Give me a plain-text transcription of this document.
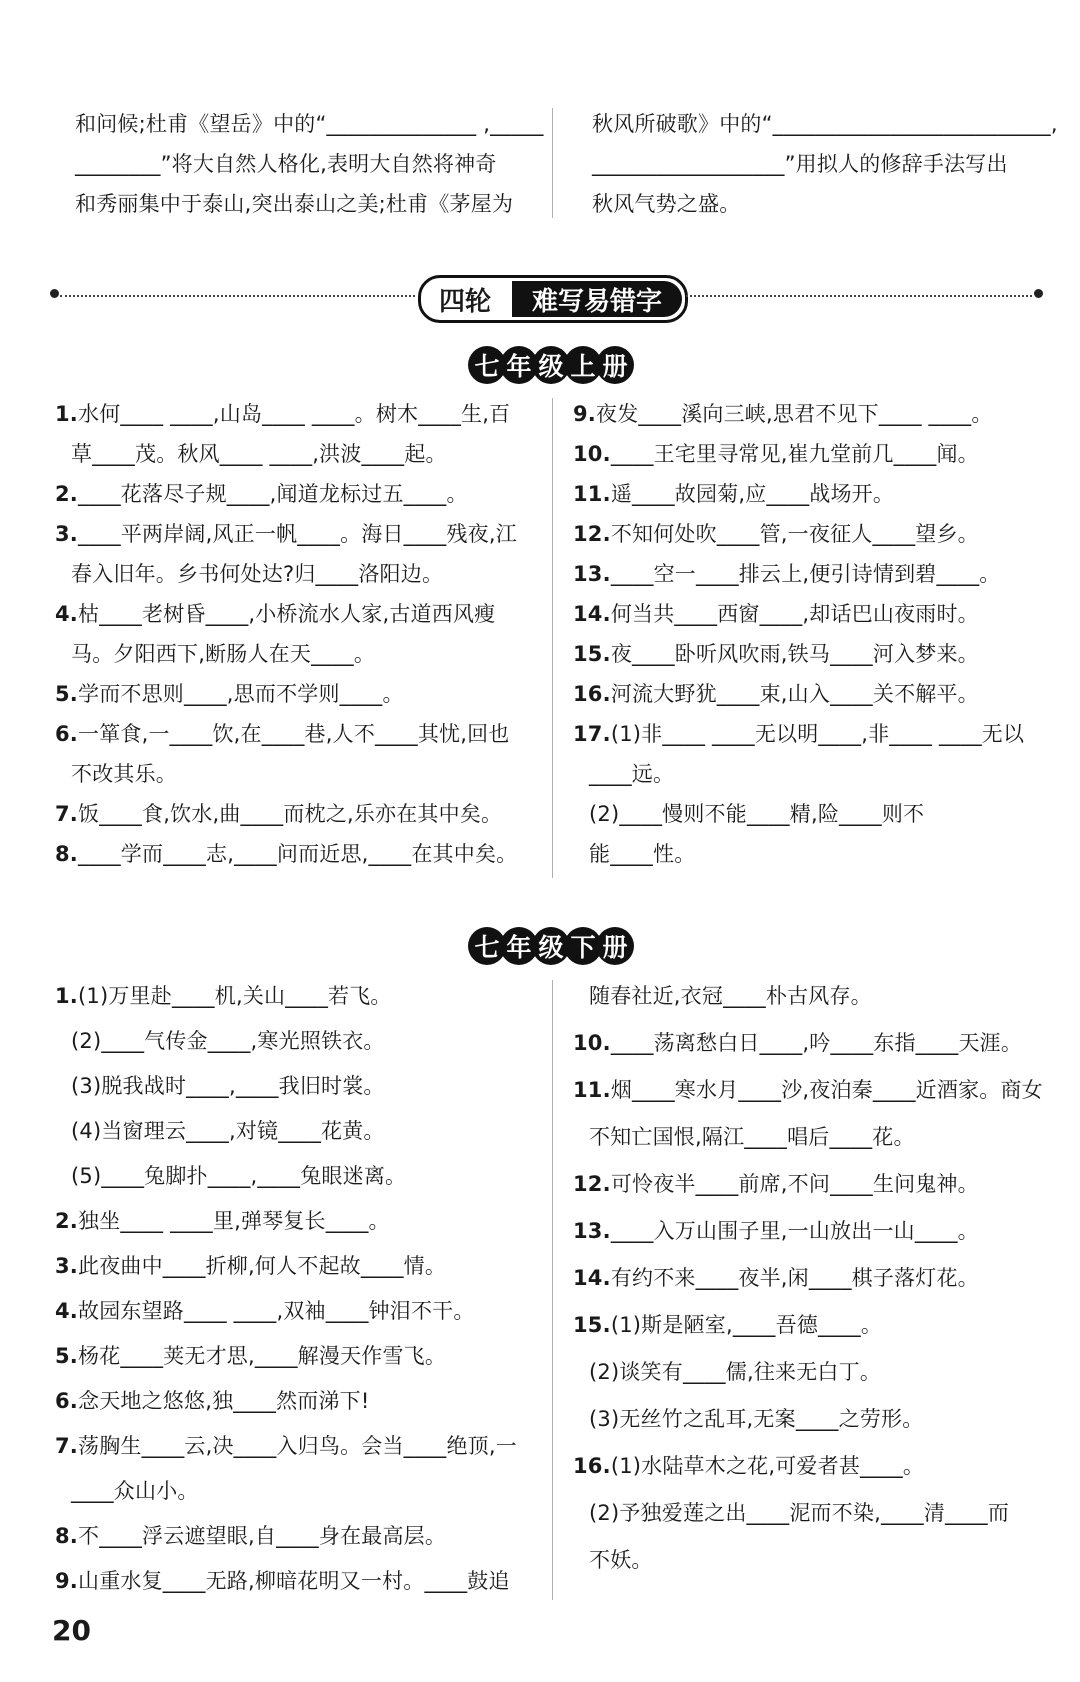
和问候;杜甫《望岳》中的“______________ ,_____
________”将大自然人格化,表明大自然将神奇
和秀丽集中于泰山,突出泰山之美;杜甫《茅屋为
秋风所破歌》中的“__________________________,
__________________”用拟人的修辞手法写出
秋风气势之盛。
四轮	难写易错字
七 年 级 上 册
1.水何____ ____,山岛____ ____。树木____生,百
草____茂。秋风____ ____,洪波____起。
2.____花落尽子规____,闻道龙标过五____。
3.____平两岸阔,风正一帆____。海日____残夜,江
春入旧年。乡书何处达?归____洛阳边。
4.枯____老树昏____,小桥流水人家,古道西风瘦
马。夕阳西下,断肠人在天____。
5.学而不思则____,思而不学则____。
6.一箪食,一____饮,在____巷,人不____其忧,回也
不改其乐。
7.饭____食,饮水,曲____而枕之,乐亦在其中矣。
8.____学而____志,____问而近思,____在其中矣。
9.夜发____溪向三峡,思君不见下____ ____。
10.____王宅里寻常见,崔九堂前几____闻。
11.遥____故园菊,应____战场开。
12.不知何处吹____管,一夜征人____望乡。
13.____空一____排云上,便引诗情到碧____。
14.何当共____西窗____,却话巴山夜雨时。
15.夜____卧听风吹雨,铁马____河入梦来。
16.河流大野犹____束,山入____关不解平。
17.(1)非____ ____无以明____,非____ ____无以
____远。
(2)____慢则不能____精,险____则不
能____性。
七 年 级 下 册
1.(1)万里赴____机,关山____若飞。
(2)____气传金____,寒光照铁衣。
(3)脱我战时____,____我旧时裳。
(4)当窗理云____,对镜____花黄。
(5)____兔脚扑____,____兔眼迷离。
2.独坐____ ____里,弹琴复长____。
3.此夜曲中____折柳,何人不起故____情。
4.故园东望路____ ____,双袖____钟泪不干。
5.杨花____荚无才思,____解漫天作雪飞。
6.念天地之悠悠,独____然而涕下!
7.荡胸生____云,决____入归鸟。会当____绝顶,一
____众山小。
8.不____浮云遮望眼,自____身在最高层。
9.山重水复____无路,柳暗花明又一村。____鼓追
随春社近,衣冠____朴古风存。
10.____荡离愁白日____,吟____东指____天涯。
11.烟____寒水月____沙,夜泊秦____近酒家。商女
不知亡国恨,隔江____唱后____花。
12.可怜夜半____前席,不问____生问鬼神。
13.____入万山围子里,一山放出一山____。
14.有约不来____夜半,闲____棋子落灯花。
15.(1)斯是陋室,____吾德____。
(2)谈笑有____儒,往来无白丁。
(3)无丝竹之乱耳,无案____之劳形。
16.(1)水陆草木之花,可爱者甚____。
(2)予独爱莲之出____泥而不染,____清____而
不妖。
20
